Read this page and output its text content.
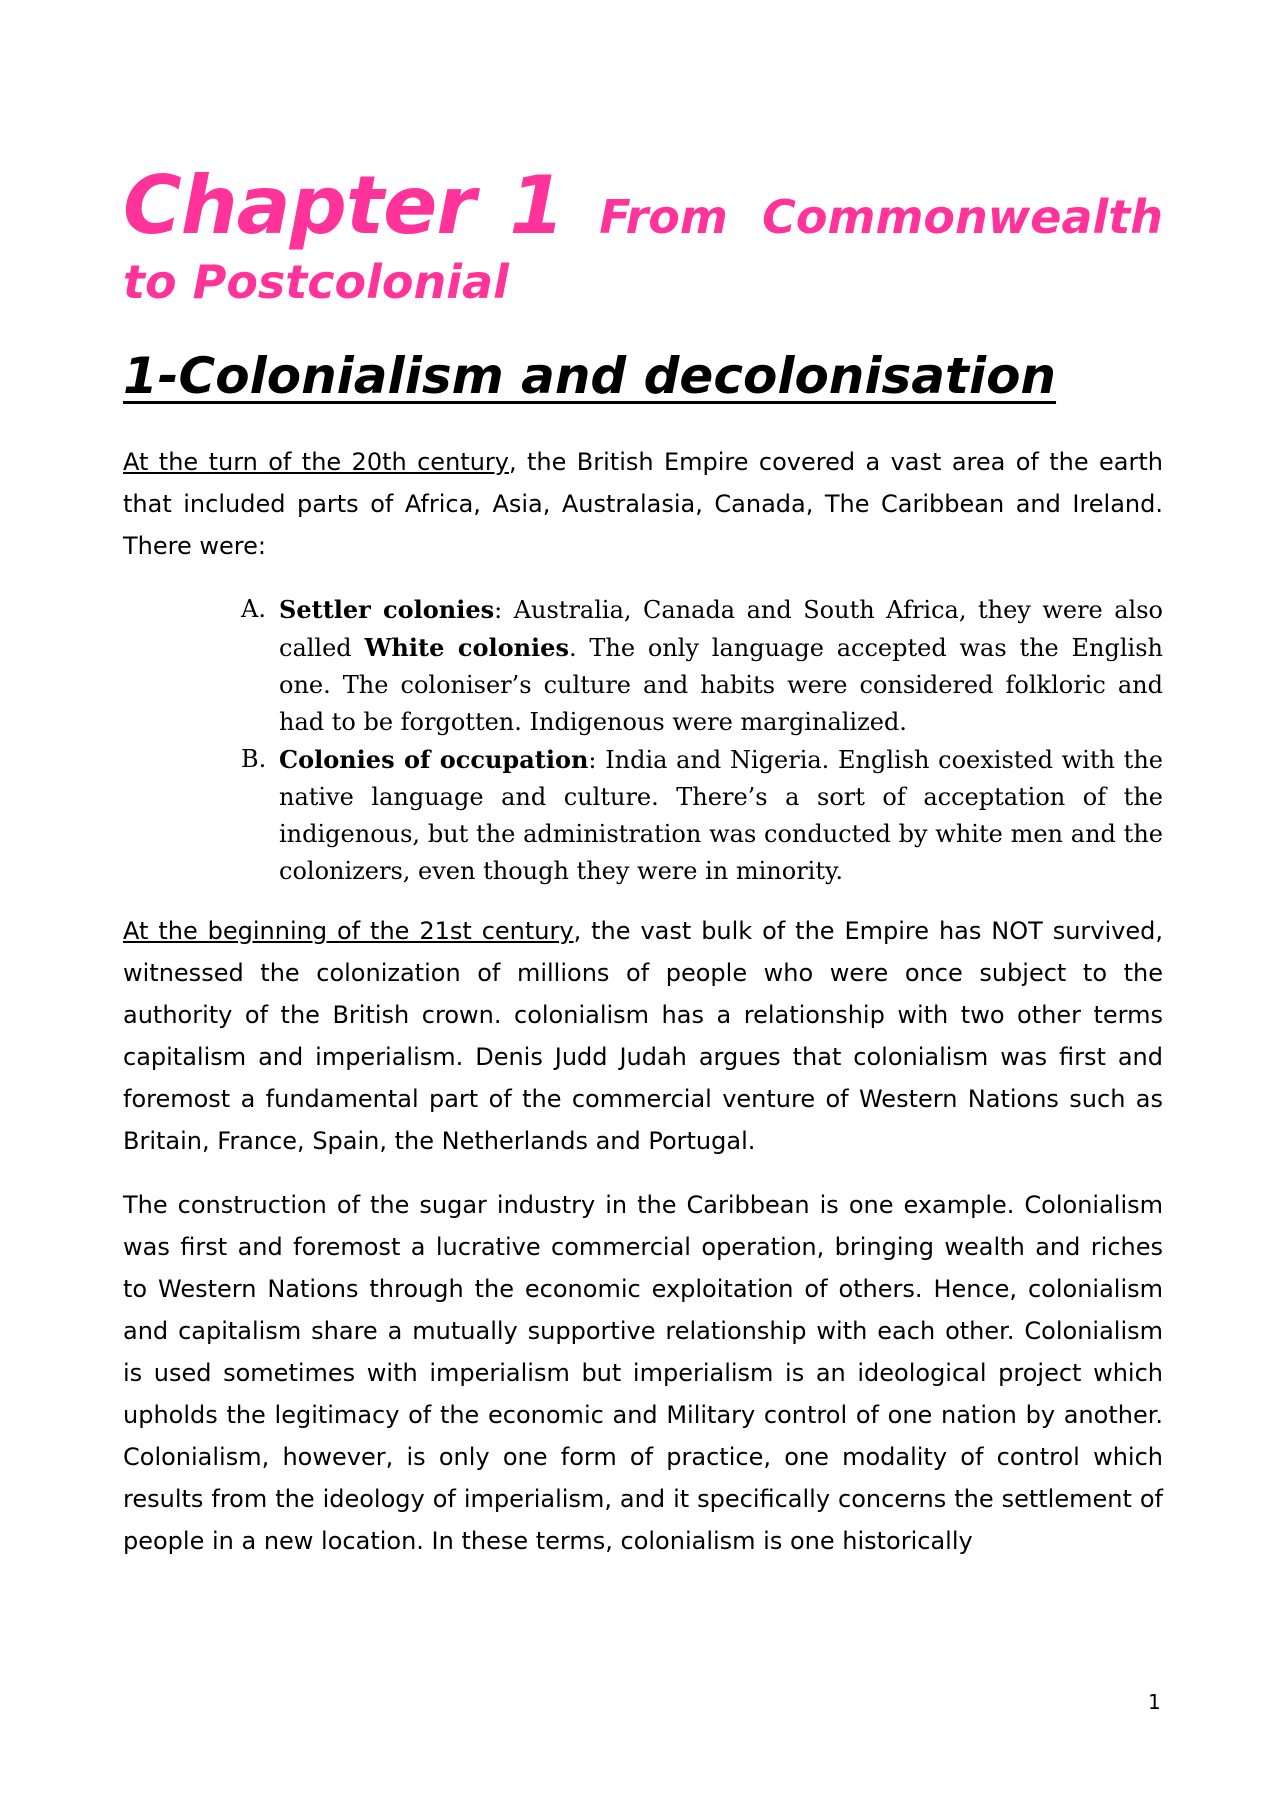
Chapter 1 From Commonwealth
to Postcolonial
1-Colonialism and decolonisation

At the turn of the 20th century, the British Empire covered a vast area of the earth that included parts of Africa, Asia, Australasia, Canada, The Caribbean and Ireland. There were:

A. Settler colonies: Australia, Canada and South Africa, they were also called White colonies. The only language accepted was the English one. The coloniser’s culture and habits were considered folkloric and had to be forgotten. Indigenous were marginalized.
B. Colonies of occupation: India and Nigeria. English coexisted with the native language and culture. There’s a sort of acceptation of the indigenous, but the administration was conducted by white men and the colonizers, even though they were in minority.

At the beginning of the 21st century, the vast bulk of the Empire has NOT survived, witnessed the colonization of millions of people who were once subject to the authority of the British crown. colonialism has a relationship with two other terms capitalism and imperialism. Denis Judd Judah argues that colonialism was first and foremost a fundamental part of the commercial venture of Western Nations such as Britain, France, Spain, the Netherlands and Portugal.

The construction of the sugar industry in the Caribbean is one example. Colonialism was first and foremost a lucrative commercial operation, bringing wealth and riches to Western Nations through the economic exploitation of others. Hence, colonialism and capitalism share a mutually supportive relationship with each other. Colonialism is used sometimes with imperialism but imperialism is an ideological project which upholds the legitimacy of the economic and Military control of one nation by another. Colonialism, however, is only one form of practice, one modality of control which results from the ideology of imperialism, and it specifically concerns the settlement of people in a new location. In these terms, colonialism is one historically

1
